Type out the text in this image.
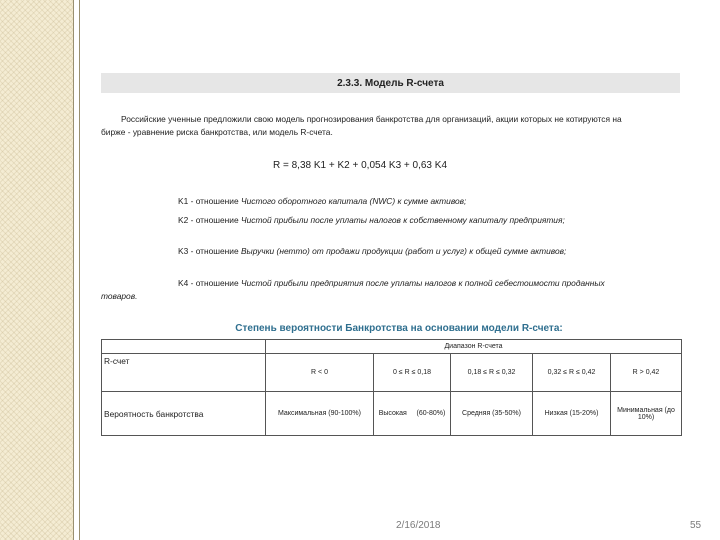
2.3.3. Модель R-счета

Российские ученные предложили свою модель прогнозирования банкротства для организаций, акции которых не котируются на бирже - уравнение риска банкротства, или модель R-счета.

R = 8,38 K1 + K2 + 0,054 K3 + 0,63 K4

K1 - отношение Чистого оборотного капитала (NWC) к сумме активов;

K2 - отношение Чистой прибыли после уплаты налогов к собственному капиталу предприятия;

K3 - отношение Выручки (нетто) от продажи продукции (работ и услуг) к общей сумме активов;

K4 - отношение Чистой прибыли предприятия после уплаты налогов к полной себестоимости проданных товаров.

Степень вероятности Банкротства на основании модели R-счета:
	Диапазон R-счета				
R-счет	R < 0	0 ≤ R ≤ 0,18	0,18 ≤ R ≤ 0,32	0,32 ≤ R ≤ 0,42	R > 0,42
Вероятность банкротства	Максимальная (90-100%)	Высокая     (60-80%)	Средняя (35-50%)	Низкая (15-20%)	Минимальная (до 10%)
2/16/2018	55
